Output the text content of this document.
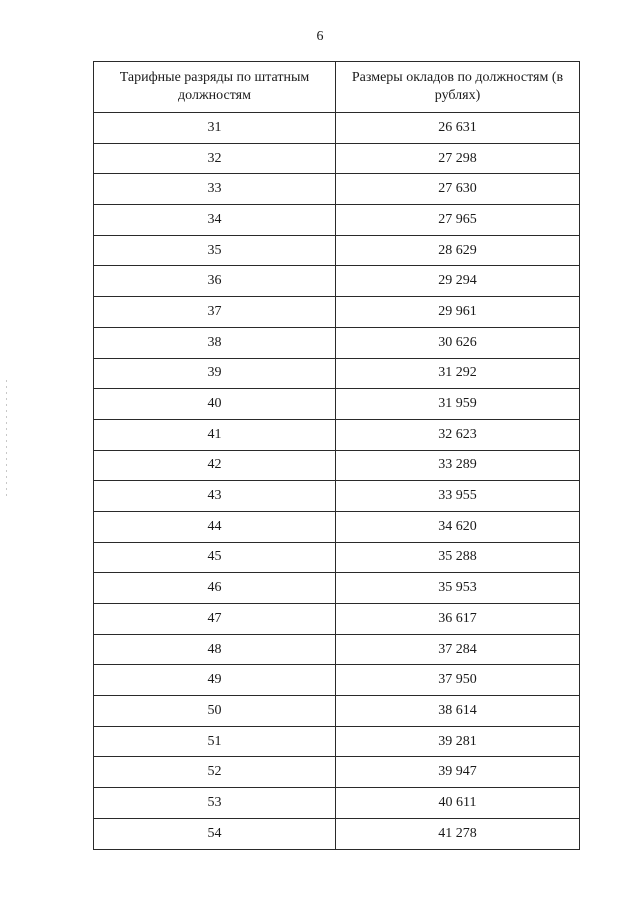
6
Тарифные разряды по штатным должностям	Размеры окладов по должностям (в рублях)
31	26 631
32	27 298
33	27 630
34	27 965
35	28 629
36	29 294
37	29 961
38	30 626
39	31 292
40	31 959
41	32 623
42	33 289
43	33 955
44	34 620
45	35 288
46	35 953
47	36 617
48	37 284
49	37 950
50	38 614
51	39 281
52	39 947
53	40 611
54	41 278
